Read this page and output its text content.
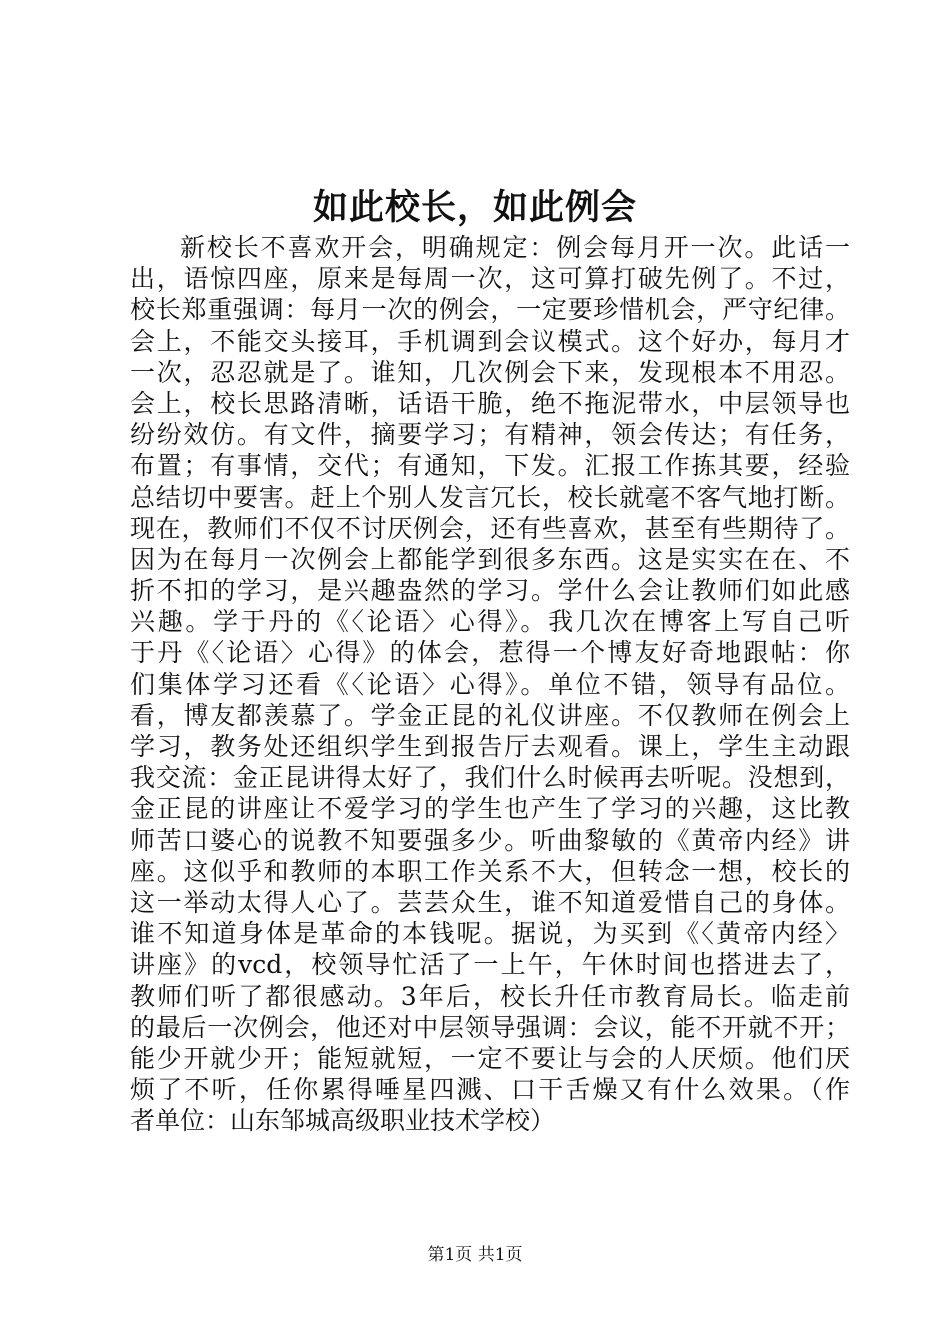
如此校长，如此例会
新校长不喜欢开会，明确规定：例会每月开一次。此话一
出，语惊四座，原来是每周一次，这可算打破先例了。不过，
校长郑重强调：每月一次的例会，一定要珍惜机会，严守纪律。
会上，不能交头接耳，手机调到会议模式。这个好办，每月才
一次，忍忍就是了。谁知，几次例会下来，发现根本不用忍。
会上，校长思路清晰，话语干脆，绝不拖泥带水，中层领导也
纷纷效仿。有文件，摘要学习；有精神，领会传达；有任务，
布置；有事情，交代；有通知，下发。汇报工作拣其要，经验
总结切中要害。赶上个别人发言冗长，校长就毫不客气地打断。
现在，教师们不仅不讨厌例会，还有些喜欢，甚至有些期待了。
因为在每月一次例会上都能学到很多东西。这是实实在在、不
折不扣的学习，是兴趣盎然的学习。学什么会让教师们如此感
兴趣。学于丹的《〈论语〉心得》。我几次在博客上写自己听
于丹《〈论语〉心得》的体会，惹得一个博友好奇地跟帖：你
们集体学习还看《〈论语〉心得》。单位不错，领导有品位。
看，博友都羡慕了。学金正昆的礼仪讲座。不仅教师在例会上
学习，教务处还组织学生到报告厅去观看。课上，学生主动跟
我交流：金正昆讲得太好了，我们什么时候再去听呢。没想到，
金正昆的讲座让不爱学习的学生也产生了学习的兴趣，这比教
师苦口婆心的说教不知要强多少。听曲黎敏的《黄帝内经》讲
座。这似乎和教师的本职工作关系不大，但转念一想，校长的
这一举动太得人心了。芸芸众生，谁不知道爱惜自己的身体。
谁不知道身体是革命的本钱呢。据说，为买到《〈黄帝内经〉
讲座》的vcd，校领导忙活了一上午，午休时间也搭进去了，
教师们听了都很感动。3年后，校长升任市教育局长。临走前
的最后一次例会，他还对中层领导强调：会议，能不开就不开；
能少开就少开；能短就短，一定不要让与会的人厌烦。他们厌
烦了不听，任你累得唾星四溅、口干舌燥又有什么效果。（作
者单位：山东邹城高级职业技术学校）
第1页 共1页
